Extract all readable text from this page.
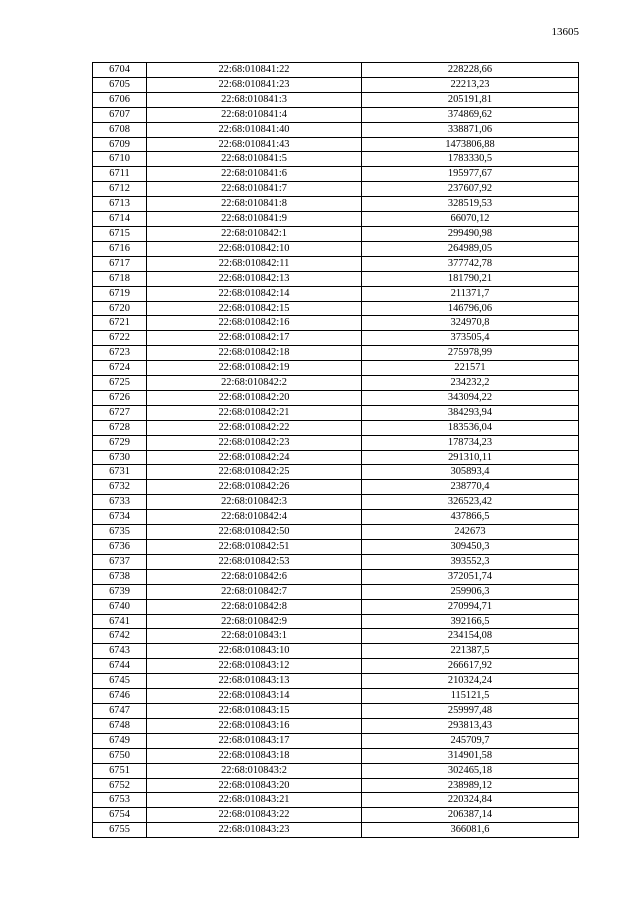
13605
6704	22:68:010841:22	228228,66
6705	22:68:010841:23	22213,23
6706	22:68:010841:3	205191,81
6707	22:68:010841:4	374869,62
6708	22:68:010841:40	338871,06
6709	22:68:010841:43	1473806,88
6710	22:68:010841:5	1783330,5
6711	22:68:010841:6	195977,67
6712	22:68:010841:7	237607,92
6713	22:68:010841:8	328519,53
6714	22:68:010841:9	66070,12
6715	22:68:010842:1	299490,98
6716	22:68:010842:10	264989,05
6717	22:68:010842:11	377742,78
6718	22:68:010842:13	181790,21
6719	22:68:010842:14	211371,7
6720	22:68:010842:15	146796,06
6721	22:68:010842:16	324970,8
6722	22:68:010842:17	373505,4
6723	22:68:010842:18	275978,99
6724	22:68:010842:19	221571
6725	22:68:010842:2	234232,2
6726	22:68:010842:20	343094,22
6727	22:68:010842:21	384293,94
6728	22:68:010842:22	183536,04
6729	22:68:010842:23	178734,23
6730	22:68:010842:24	291310,11
6731	22:68:010842:25	305893,4
6732	22:68:010842:26	238770,4
6733	22:68:010842:3	326523,42
6734	22:68:010842:4	437866,5
6735	22:68:010842:50	242673
6736	22:68:010842:51	309450,3
6737	22:68:010842:53	393552,3
6738	22:68:010842:6	372051,74
6739	22:68:010842:7	259906,3
6740	22:68:010842:8	270994,71
6741	22:68:010842:9	392166,5
6742	22:68:010843:1	234154,08
6743	22:68:010843:10	221387,5
6744	22:68:010843:12	266617,92
6745	22:68:010843:13	210324,24
6746	22:68:010843:14	115121,5
6747	22:68:010843:15	259997,48
6748	22:68:010843:16	293813,43
6749	22:68:010843:17	245709,7
6750	22:68:010843:18	314901,58
6751	22:68:010843:2	302465,18
6752	22:68:010843:20	238989,12
6753	22:68:010843:21	220324,84
6754	22:68:010843:22	206387,14
6755	22:68:010843:23	366081,6
